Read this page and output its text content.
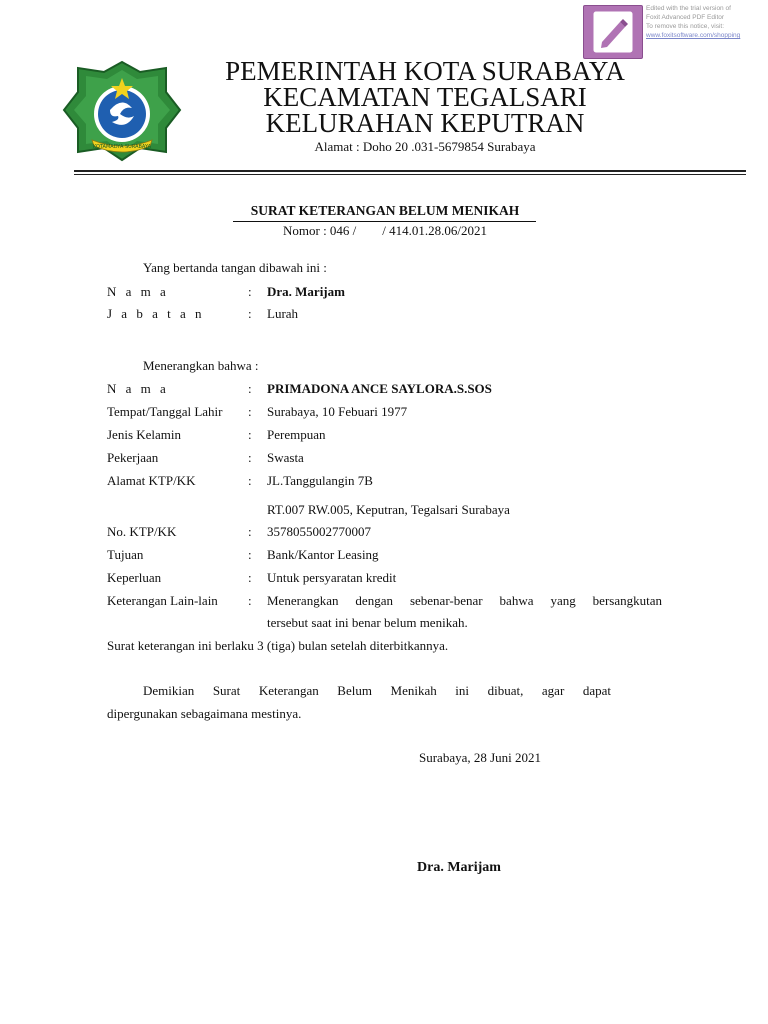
Edited with the trial version of
Foxit Advanced PDF Editor
To remove this notice, visit:
www.foxitsoftware.com/shopping
KOTAMADYA SURABAYA
PEMERINTAH KOTA SURABAYA
KECAMATAN TEGALSARI
KELURAHAN KEPUTRAN
Alamat : Doho 20 .031-5679854 Surabaya
SURAT KETERANGAN BELUM MENIKAH
Nomor : 046 /        / 414.01.28.06/2021
Yang bertanda tangan dibawah ini :
N a m a	: Dra. Marijam
J a b a t a n	: Lurah
Menerangkan bahwa :
N a m a	: PRIMADONA ANCE SAYLORA.S.SOS
Tempat/Tanggal Lahir : Surabaya, 10 Febuari 1977
Jenis Kelamin	: Perempuan
Pekerjaan	: Swasta
Alamat KTP/KK	: JL.Tanggulangin 7B
RT.007 RW.005, Keputran, Tegalsari Surabaya
No. KTP/KK	: 3578055002770007
Tujuan	: Bank/Kantor Leasing
Keperluan	: Untuk persyaratan kredit
Keterangan Lain-lain : Menerangkan dengan sebenar-benar bahwa yang bersangkutan
tersebut saat ini benar belum menikah.
Surat keterangan ini berlaku 3 (tiga) bulan setelah diterbitkannya.
Demikian Surat Keterangan Belum Menikah ini dibuat, agar dapat
dipergunakan sebagaimana mestinya.
Surabaya, 28 Juni 2021
Dra. Marijam
